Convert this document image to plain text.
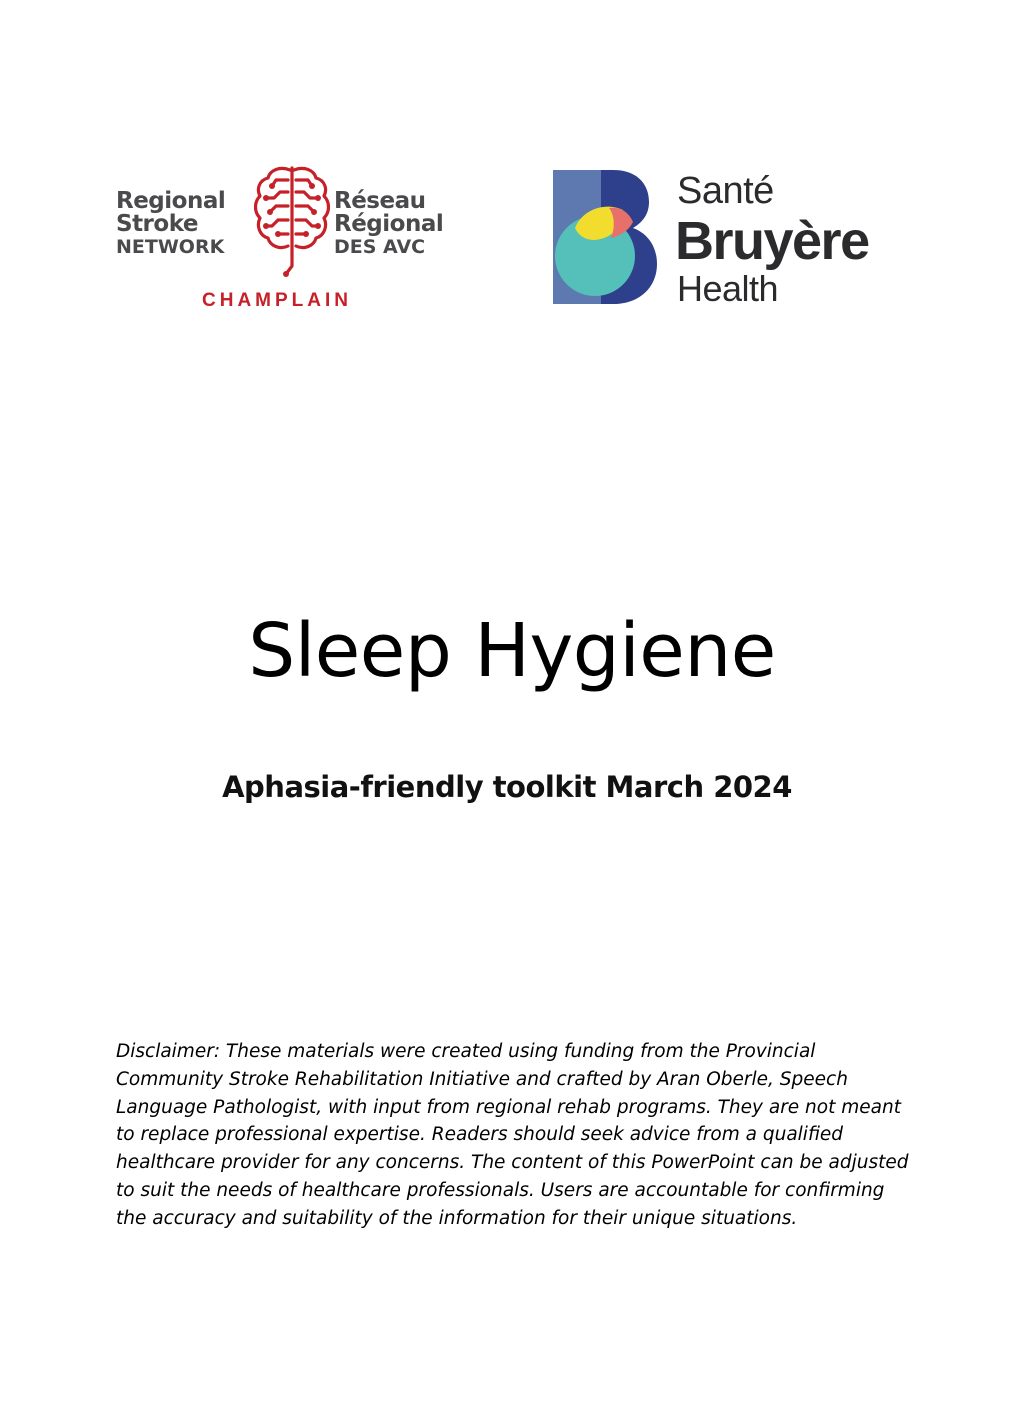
Regional
Stroke
NETWORK
Réseau
Régional
DES AVC
CHAMPLAIN
Santé
Bruyère
Health
Sleep Hygiene
Aphasia-friendly toolkit March 2024

Disclaimer: These materials were created using funding from the Provincial
Community Stroke Rehabilitation Initiative and crafted by Aran Oberle, Speech
Language Pathologist, with input from regional rehab programs. They are not meant
to replace professional expertise. Readers should seek advice from a qualified
healthcare provider for any concerns. The content of this PowerPoint can be adjusted
to suit the needs of healthcare professionals. Users are accountable for confirming
the accuracy and suitability of the information for their unique situations.
